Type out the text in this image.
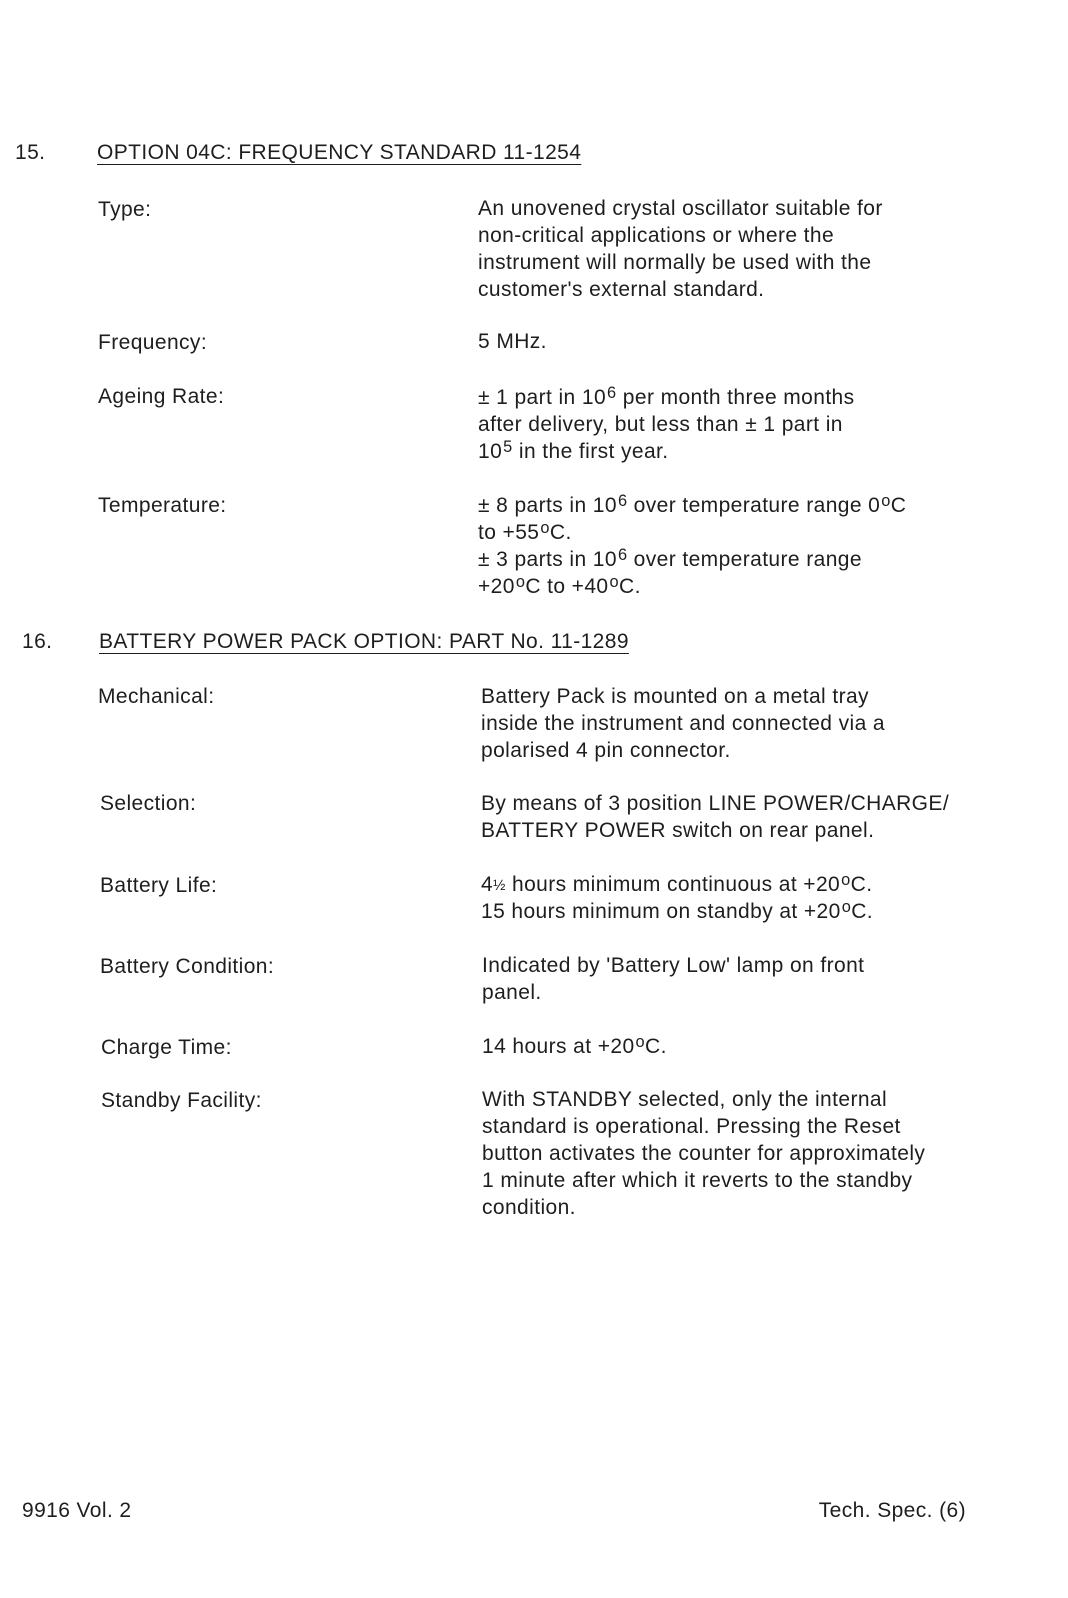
15. OPTION 04C: FREQUENCY STANDARD 11-1254
Type:	An unovened crystal oscillator suitable for
non-critical applications or where the
instrument will normally be used with the
customer's external standard.
Frequency:	5 MHz.
Ageing Rate:	± 1 part in $10^6$ per month three months
after delivery, but less than ± 1 part in
$10^5$ in the first year.
Temperature:	± 8 parts in $10^6$ over temperature range 0$^o$C
to $+55^oC$.
± 3 parts in $10^6$ over temperature range
$+20^oC$ to $+40^oC$.
16. BATTERY POWER PACK OPTION: PART No. 11-1289
Mechanical:	Battery Pack is mounted on a metal tray
inside the instrument and connected via a
polarised 4 pin connector.
Selection:	By means of 3 position LINE POWER/CHARGE/
BATTERY POWER switch on rear panel.
Battery Life:	4½ hours minimum continuous at $+20^oC$.
15 hours minimum on standby at $+20^oC$.
Battery Condition:	Indicated by 'Battery Low' lamp on front
panel.
Charge Time:	14 hours at $+20^oC$.
Standby Facility:	With STANDBY selected, only the internal
standard is operational. Pressing the Reset
button activates the counter for approximately
1 minute after which it reverts to the standby
condition.
9916 Vol. 2	Tech. Spec. (6)
